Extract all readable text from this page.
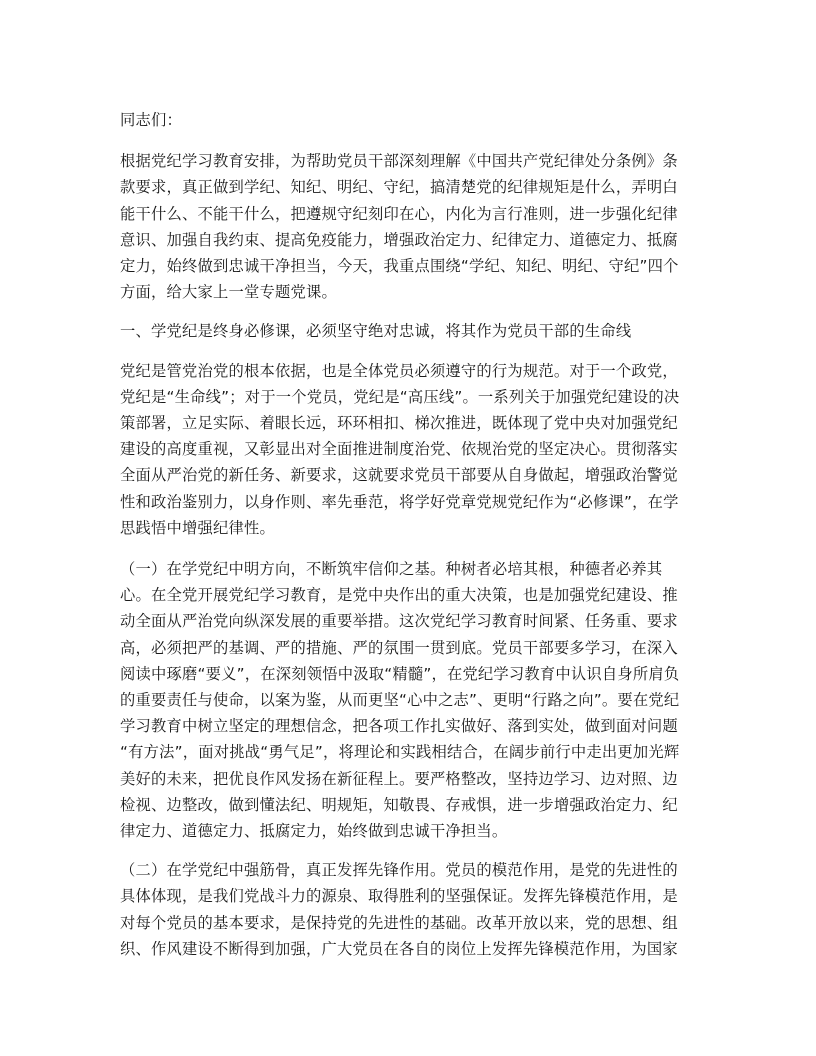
同志们：

根据党纪学习教育安排，为帮助党员干部深刻理解《中国共产党纪律处分条例》条
款要求，真正做到学纪、知纪、明纪、守纪，搞清楚党的纪律规矩是什么，弄明白
能干什么、不能干什么，把遵规守纪刻印在心，内化为言行准则，进一步强化纪律
意识、加强自我约束、提高免疫能力，增强政治定力、纪律定力、道德定力、抵腐
定力，始终做到忠诚干净担当，今天，我重点围绕“学纪、知纪、明纪、守纪”四个
方面，给大家上一堂专题党课。

一、学党纪是终身必修课，必须坚守绝对忠诚，将其作为党员干部的生命线

党纪是管党治党的根本依据，也是全体党员必须遵守的行为规范。对于一个政党，
党纪是“生命线”；对于一个党员，党纪是“高压线”。一系列关于加强党纪建设的决
策部署，立足实际、着眼长远，环环相扣、梯次推进，既体现了党中央对加强党纪
建设的高度重视，又彰显出对全面推进制度治党、依规治党的坚定决心。贯彻落实
全面从严治党的新任务、新要求，这就要求党员干部要从自身做起，增强政治警觉
性和政治鉴别力，以身作则、率先垂范，将学好党章党规党纪作为“必修课”，在学
思践悟中增强纪律性。

（一）在学党纪中明方向，不断筑牢信仰之基。种树者必培其根，种德者必养其
心。在全党开展党纪学习教育，是党中央作出的重大决策，也是加强党纪建设、推
动全面从严治党向纵深发展的重要举措。这次党纪学习教育时间紧、任务重、要求
高，必须把严的基调、严的措施、严的氛围一贯到底。党员干部要多学习，在深入
阅读中琢磨“要义”，在深刻领悟中汲取“精髓”，在党纪学习教育中认识自身所肩负
的重要责任与使命，以案为鉴，从而更坚“心中之志”、更明“行路之向”。要在党纪
学习教育中树立坚定的理想信念，把各项工作扎实做好、落到实处，做到面对问题
“有方法”，面对挑战“勇气足”，将理论和实践相结合，在阔步前行中走出更加光辉
美好的未来，把优良作风发扬在新征程上。要严格整改，坚持边学习、边对照、边
检视、边整改，做到懂法纪、明规矩，知敬畏、存戒惧，进一步增强政治定力、纪
律定力、道德定力、抵腐定力，始终做到忠诚干净担当。

（二）在学党纪中强筋骨，真正发挥先锋作用。党员的模范作用，是党的先进性的
具体体现，是我们党战斗力的源泉、取得胜利的坚强保证。发挥先锋模范作用，是
对每个党员的基本要求，是保持党的先进性的基础。改革开放以来，党的思想、组
织、作风建设不断得到加强，广大党员在各自的岗位上发挥先锋模范作用，为国家
